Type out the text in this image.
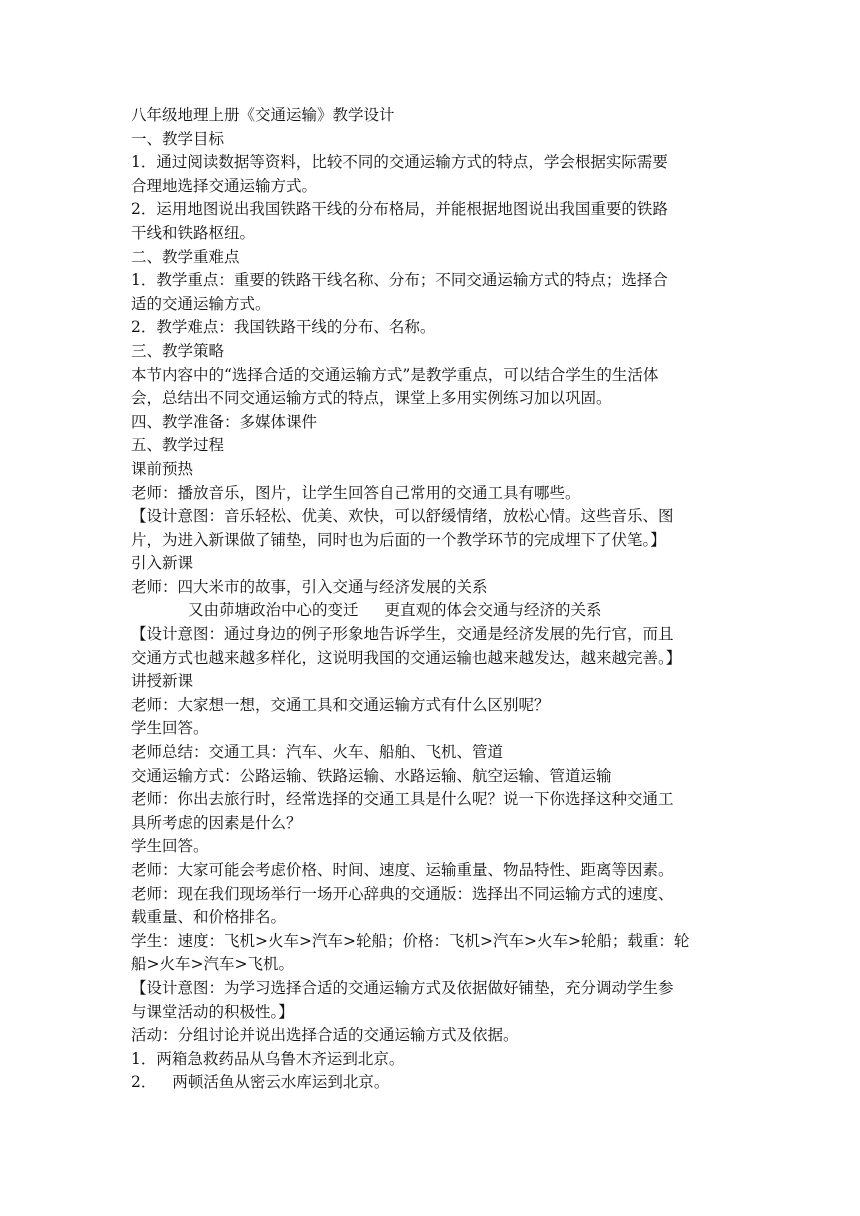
八年级地理上册《交通运输》教学设计
一、教学目标
1．通过阅读数据等资料，比较不同的交通运输方式的特点，学会根据实际需要
合理地选择交通运输方式。
2．运用地图说出我国铁路干线的分布格局，并能根据地图说出我国重要的铁路
干线和铁路枢纽。
二、教学重难点
1．教学重点：重要的铁路干线名称、分布；不同交通运输方式的特点；选择合
适的交通运输方式。
2．教学难点：我国铁路干线的分布、名称。
三、教学策略
本节内容中的“选择合适的交通运输方式”是教学重点，可以结合学生的生活体
会，总结出不同交通运输方式的特点，课堂上多用实例练习加以巩固。
四、教学准备：多媒体课件
五、教学过程
课前预热
老师：播放音乐，图片，让学生回答自己常用的交通工具有哪些。
【设计意图：音乐轻松、优美、欢快，可以舒缓情绪，放松心情。这些音乐、图
片，为进入新课做了铺垫，同时也为后面的一个教学环节的完成埋下了伏笔。】
引入新课
老师：四大米市的故事，引入交通与经济发展的关系
又由茆塘政治中心的变迁 更直观的体会交通与经济的关系
【设计意图：通过身边的例子形象地告诉学生，交通是经济发展的先行官，而且
交通方式也越来越多样化，这说明我国的交通运输也越来越发达，越来越完善。】
讲授新课
老师：大家想一想，交通工具和交通运输方式有什么区别呢？
学生回答。
老师总结：交通工具：汽车、火车、船舶、飞机、管道
交通运输方式：公路运输、铁路运输、水路运输、航空运输、管道运输
老师：你出去旅行时，经常选择的交通工具是什么呢？说一下你选择这种交通工
具所考虑的因素是什么？
学生回答。
老师：大家可能会考虑价格、时间、速度、运输重量、物品特性、距离等因素。
老师：现在我们现场举行一场开心辞典的交通版：选择出不同运输方式的速度、
载重量、和价格排名。
学生：速度：飞机>火车>汽车>轮船；价格：飞机>汽车>火车>轮船；载重：轮
船>火车>汽车>飞机。
【设计意图：为学习选择合适的交通运输方式及依据做好铺垫，充分调动学生参
与课堂活动的积极性。】
活动：分组讨论并说出选择合适的交通运输方式及依据。
1．两箱急救药品从乌鲁木齐运到北京。
2． 两顿活鱼从密云水库运到北京。
